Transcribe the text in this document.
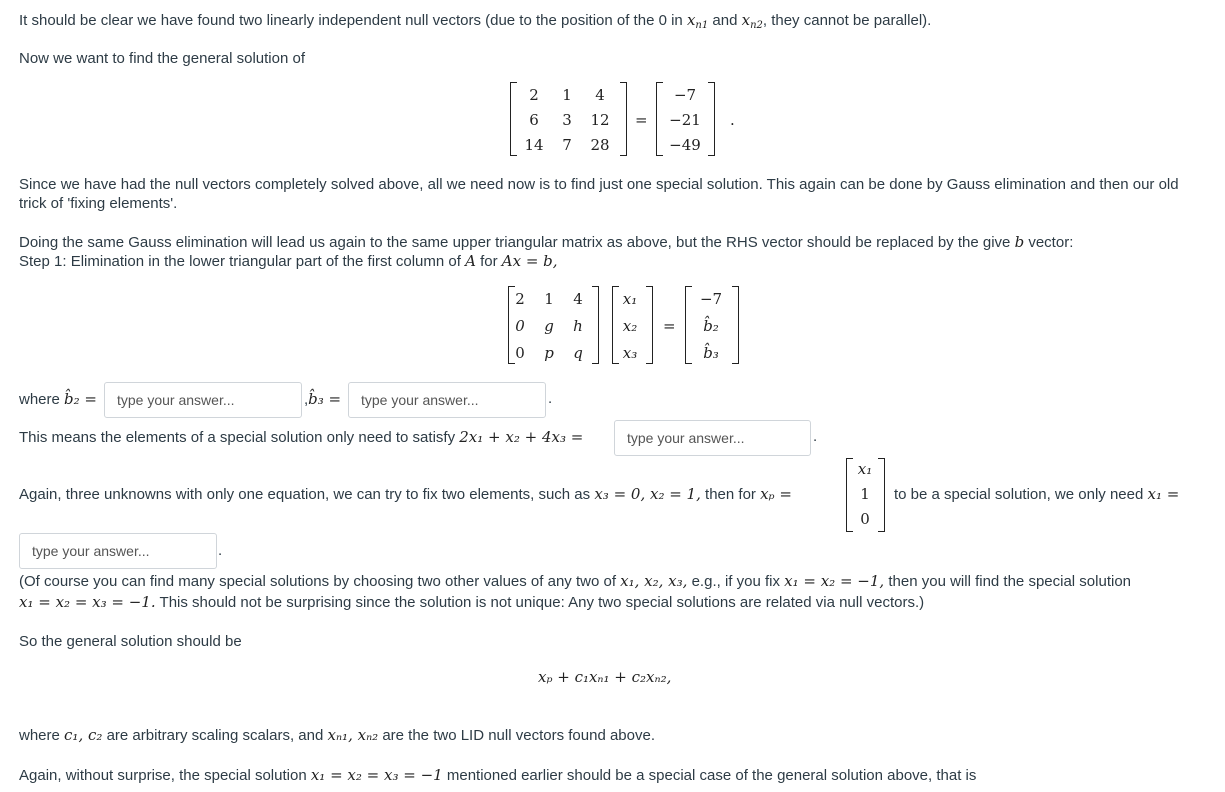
It should be clear we have found two linearly independent null vectors (due to the position of the 0 in $x_{n1}$ and $x_{n2}$, they cannot be parallel).
Now we want to find the general solution of
2	1	4
6	3	12
14	7	28
=
−7
−21
−49
.
Since we have had the null vectors completely solved above, all we need now is to find just one special solution. This again can be done by Gauss elimination and then our old
trick of 'fixing elements'.
Doing the same Gauss elimination will lead us again to the same upper triangular matrix as above, but the RHS vector should be replaced by the give b vector:
Step 1: Elimination in the lower triangular part of the first column of A for Ax = b,
2	1	4
0	g	h
0	p	q
x₁
x₂
x₃
=
−7
b̂₂
b̂₃
where b̂₂ =	type your answer...	,b̂₃ =	type your answer...	.
This means the elements of a special solution only need to satisfy 2x₁ + x₂ + 4x₃ =	type your answer...	.
Again, three unknowns with only one equation, we can try to fix two elements, such as x₃ = 0, x₂ = 1, then for xₚ =
x₁
1
0
to be a special solution, we only need x₁ =
type your answer...	.
(Of course you can find many special solutions by choosing two other values of any two of x₁, x₂, x₃, e.g., if you fix x₁ = x₂ = −1, then you will find the special solution
x₁ = x₂ = x₃ = −1. This should not be surprising since the solution is not unique: Any two special solutions are related via null vectors.)
So the general solution should be
xₚ + c₁xₙ₁ + c₂xₙ₂,
where c₁, c₂ are arbitrary scaling scalars, and xₙ₁, xₙ₂ are the two LID null vectors found above.
Again, without surprise, the special solution x₁ = x₂ = x₃ = −1 mentioned earlier should be a special case of the general solution above, that is
